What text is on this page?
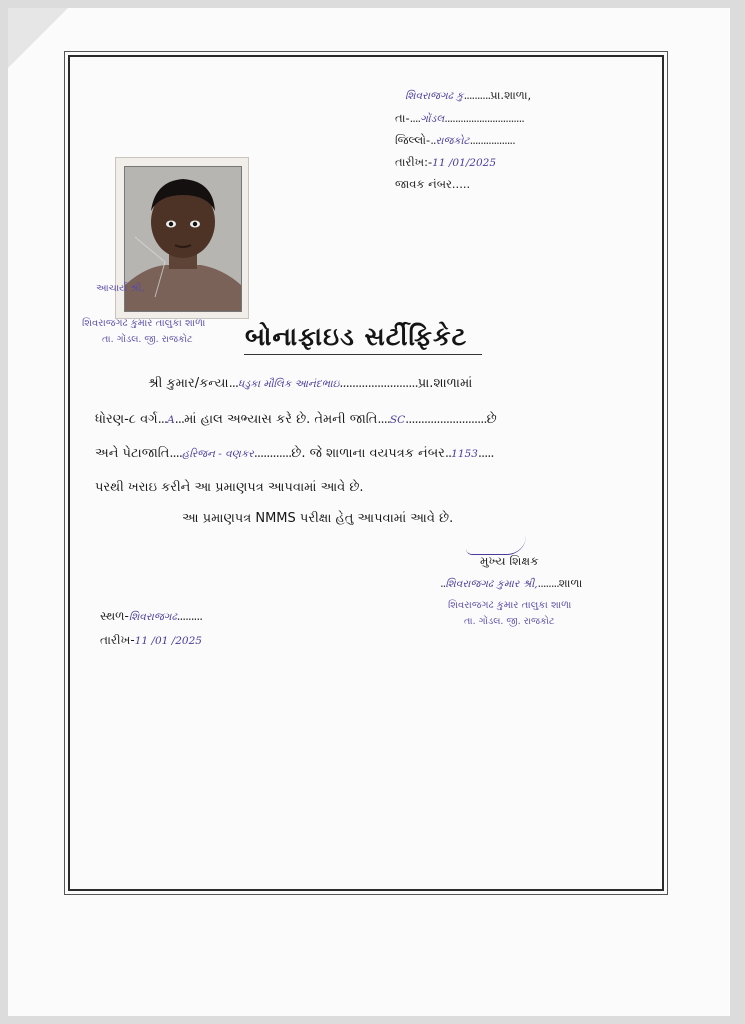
શિવરાજગઢ કુ..........પ્રા.શાળા,
તા-....ગોંડલ..............................
જિલ્લો-..રાજકોટ.................
તારીખ:-11 /01/2025
જાવક નંબર.....
આચાર્ય શ્રી,
શિવરાજગઢ કુમાર તાલુકા શાળા
તા. ગોંડલ. જી. રાજકોટ બોનાફાઇડ સર્ટીફિકેટ
શ્રી કુમાર/કન્યા...ધડુકા મૌલિક આનંદભાઇ.........................પ્રા.શાળામાં
ધોરણ-૮ વર્ગ...A...માં હાલ અભ્યાસ કરે છે. તેમની જાતિ....SC..........................છે
અને પેટાજાતિ....હરિજન - વણકર............છે. જે શાળાના વયપત્રક નંબર..1153.....
પરથી ખરાઇ કરીને આ પ્રમાણપત્ર આપવામાં આવે છે.
આ પ્રમાણપત્ર NMMS પરીક્ષા હેતુ આપવામાં આવે છે.
મુખ્ય શિક્ષક
..શિવરાજગઢ કુમાર શ્રી,........શાળા
શિવરાજગઢ કુમાર તાલુકા શાળા
તા. ગોંડલ. જી. રાજકોટ
સ્થળ-શિવરાજગઢ.........
તારીખ-11 /01 /2025
